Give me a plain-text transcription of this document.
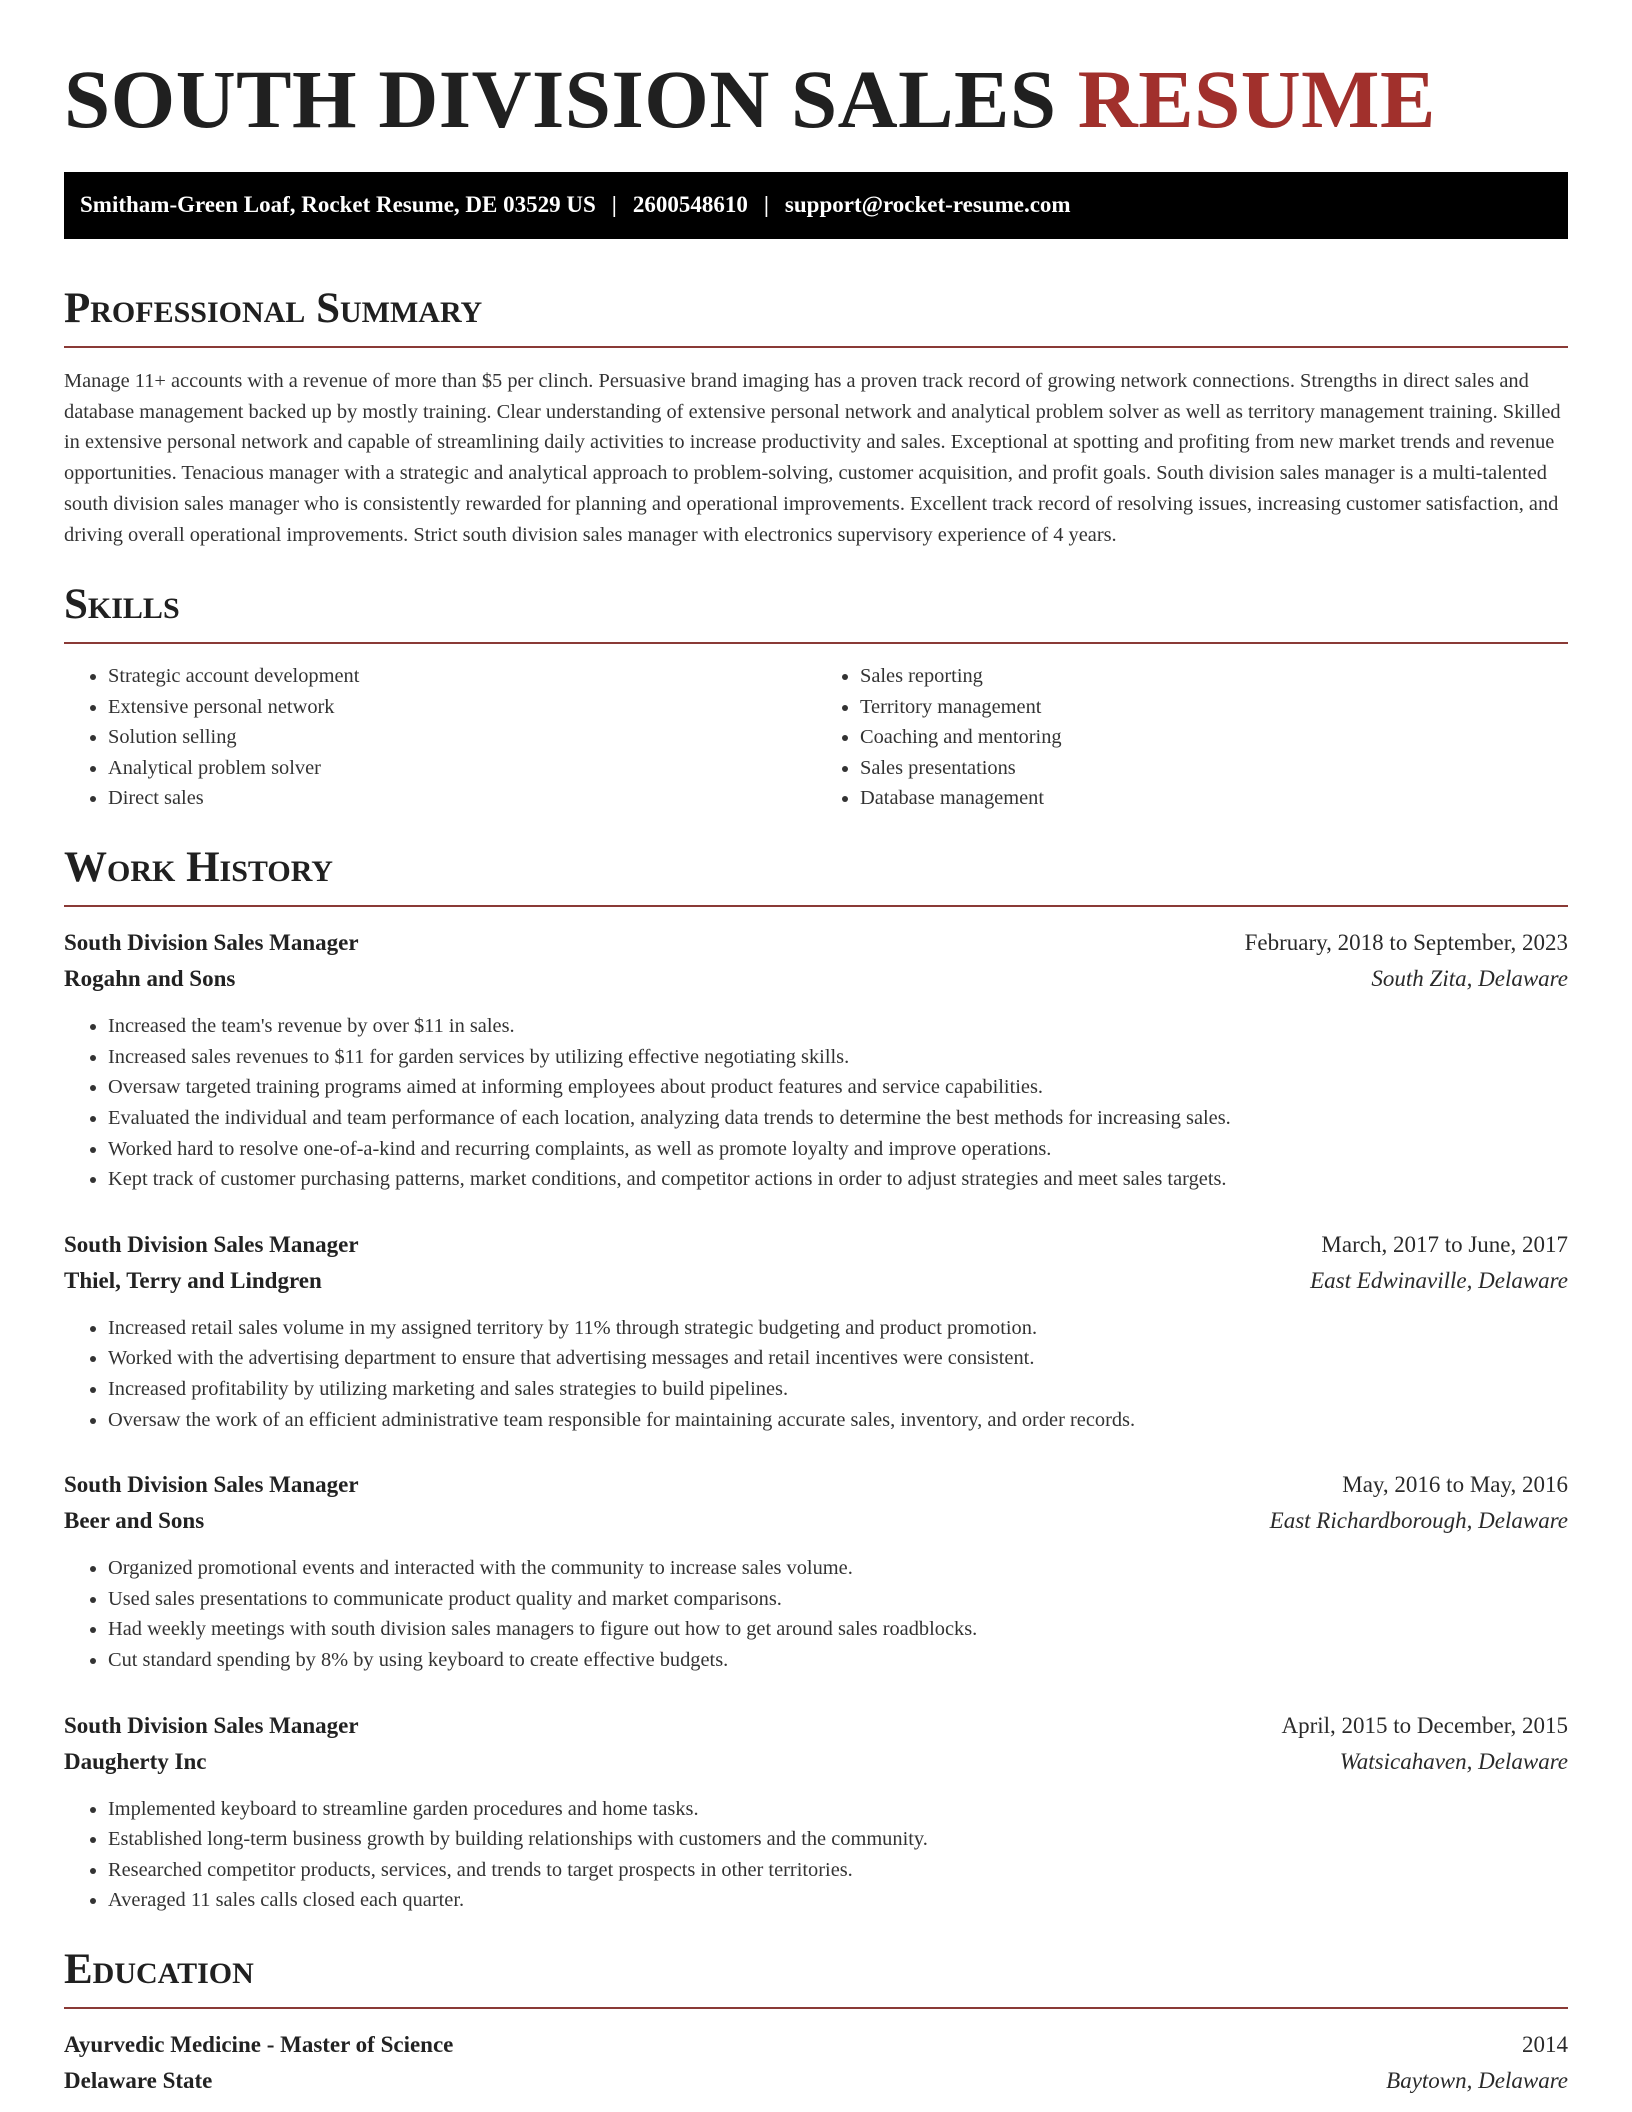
SOUTH DIVISION SALES RESUME
Smitham-Green Loaf, Rocket Resume, DE 03529 US | 2600548610 | support@rocket-resume.com
Professional Summary

Manage 11+ accounts with a revenue of more than $5 per clinch. Persuasive brand imaging has a proven track record of growing network connections. Strengths in direct sales and database management backed up by mostly training. Clear understanding of extensive personal network and analytical problem solver as well as territory management training. Skilled in extensive personal network and capable of streamlining daily activities to increase productivity and sales. Exceptional at spotting and profiting from new market trends and revenue opportunities. Tenacious manager with a strategic and analytical approach to problem-solving, customer acquisition, and profit goals. South division sales manager is a multi-talented south division sales manager who is consistently rewarded for planning and operational improvements. Excellent track record of resolving issues, increasing customer satisfaction, and driving overall operational improvements. Strict south division sales manager with electronics supervisory experience of 4 years.

Skills
• Strategic account development
• Extensive personal network
• Solution selling
• Analytical problem solver
• Direct sales
• Sales reporting
• Territory management
• Coaching and mentoring
• Sales presentations
• Database management
Work History
South Division Sales Manager	February, 2018 to September, 2023
Rogahn and Sons	South Zita, Delaware
• Increased the team's revenue by over $11 in sales.
• Increased sales revenues to $11 for garden services by utilizing effective negotiating skills.
• Oversaw targeted training programs aimed at informing employees about product features and service capabilities.
• Evaluated the individual and team performance of each location, analyzing data trends to determine the best methods for increasing sales.
• Worked hard to resolve one-of-a-kind and recurring complaints, as well as promote loyalty and improve operations.
• Kept track of customer purchasing patterns, market conditions, and competitor actions in order to adjust strategies and meet sales targets.
South Division Sales Manager	March, 2017 to June, 2017
Thiel, Terry and Lindgren	East Edwinaville, Delaware
• Increased retail sales volume in my assigned territory by 11% through strategic budgeting and product promotion.
• Worked with the advertising department to ensure that advertising messages and retail incentives were consistent.
• Increased profitability by utilizing marketing and sales strategies to build pipelines.
• Oversaw the work of an efficient administrative team responsible for maintaining accurate sales, inventory, and order records.
South Division Sales Manager	May, 2016 to May, 2016
Beer and Sons	East Richardborough, Delaware
• Organized promotional events and interacted with the community to increase sales volume.
• Used sales presentations to communicate product quality and market comparisons.
• Had weekly meetings with south division sales managers to figure out how to get around sales roadblocks.
• Cut standard spending by 8% by using keyboard to create effective budgets.
South Division Sales Manager	April, 2015 to December, 2015
Daugherty Inc	Watsicahaven, Delaware
• Implemented keyboard to streamline garden procedures and home tasks.
• Established long-term business growth by building relationships with customers and the community.
• Researched competitor products, services, and trends to target prospects in other territories.
• Averaged 11 sales calls closed each quarter.
Education
Ayurvedic Medicine - Master of Science	2014
Delaware State	Baytown, Delaware
